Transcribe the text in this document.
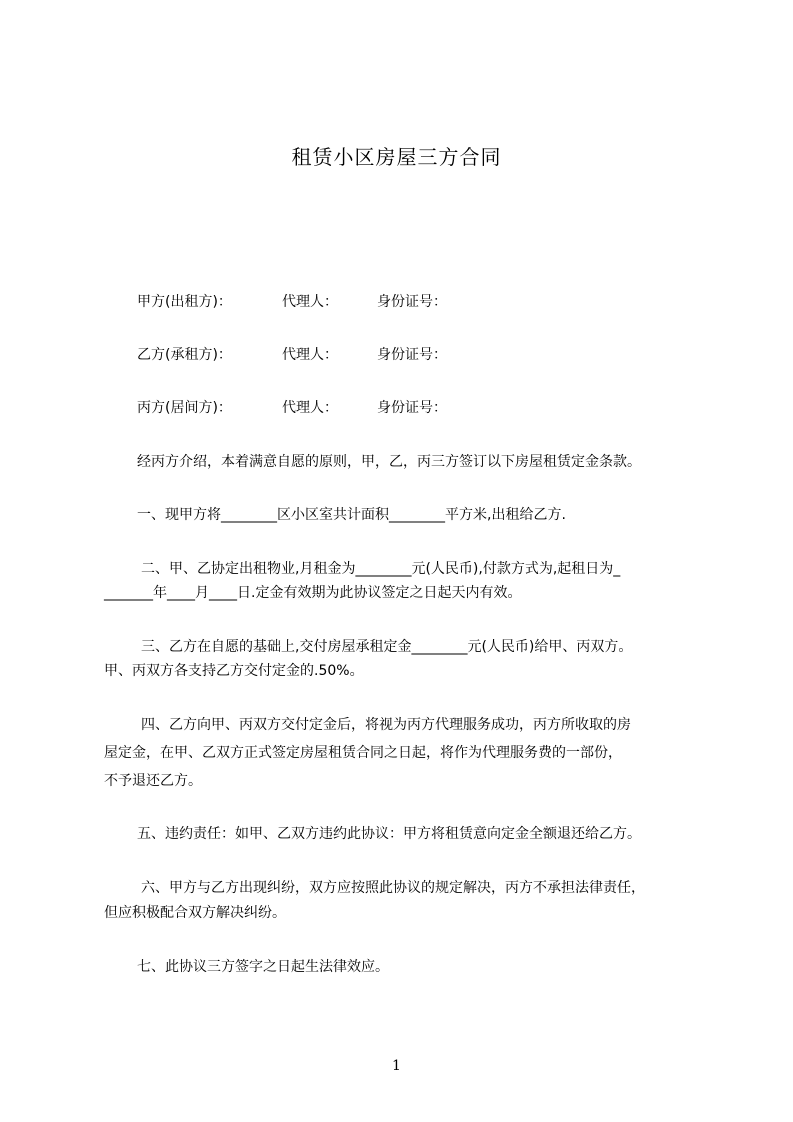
租赁小区房屋三方合同
甲方(出租方)：	代理人：	身份证号：
乙方(承租方)：	代理人：	身份证号：
丙方(居间方)：	代理人：	身份证号：
经丙方介绍，本着满意自愿的原则，甲，乙，丙三方签订以下房屋租赁定金条款。
一、现甲方将________区小区室共计面积________平方米,出租给乙方.
二、甲、乙协定出租物业,月租金为________元(人民币),付款方式为,起租日为_
_______年____月____日.定金有效期为此协议签定之日起天内有效。
三、乙方在自愿的基础上,交付房屋承租定金________元(人民币)给甲、丙双方。
甲、丙双方各支持乙方交付定金的.50%。
四、乙方向甲、丙双方交付定金后，将视为丙方代理服务成功，丙方所收取的房
屋定金，在甲、乙双方正式签定房屋租赁合同之日起，将作为代理服务费的一部份，
不予退还乙方。
五、违约责任：如甲、乙双方违约此协议：甲方将租赁意向定金全额退还给乙方。
六、甲方与乙方出现纠纷，双方应按照此协议的规定解决，丙方不承担法律责任，
但应积极配合双方解决纠纷。
七、此协议三方签字之日起生法律效应。
1
